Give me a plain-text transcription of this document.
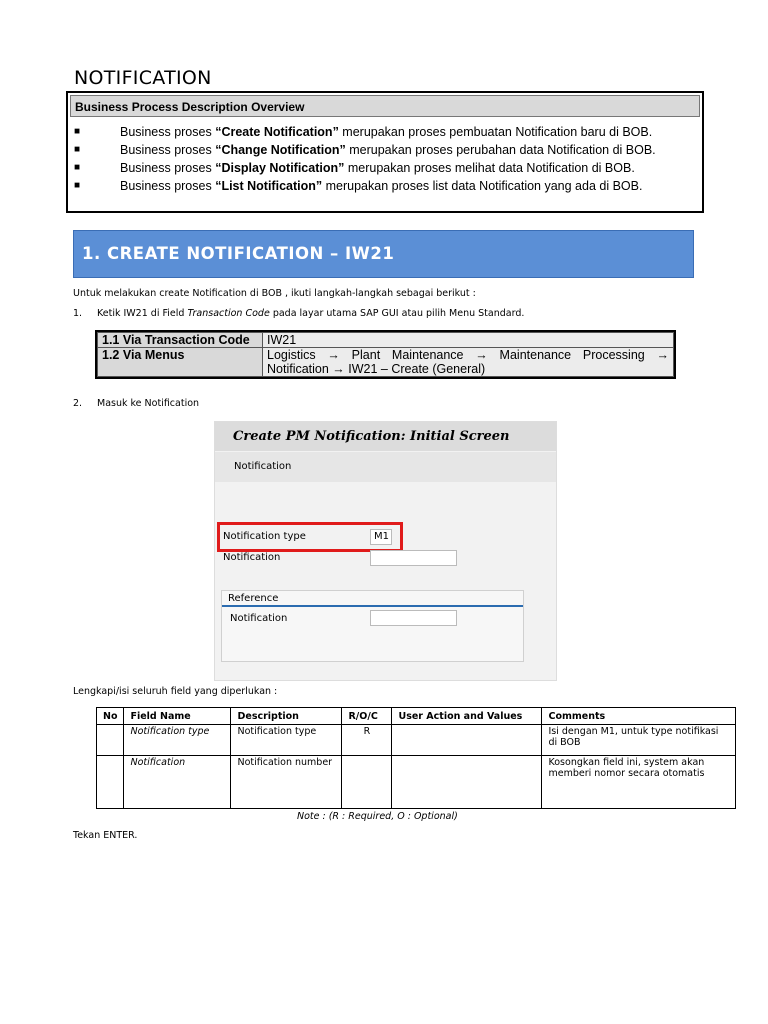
NOTIFICATION
Business Process Description Overview
■	Business proses “Create Notification” merupakan proses pembuatan Notification baru di BOB.
■	Business proses “Change Notification” merupakan proses perubahan data Notification di BOB.
■	Business proses “Display Notification” merupakan proses melihat data Notification di BOB.
■	Business proses “List Notification” merupakan proses list data Notification yang ada di BOB.
1. CREATE NOTIFICATION – IW21
Untuk melakukan create Notification di BOB , ikuti langkah-langkah sebagai berikut :
1. Ketik IW21 di Field Transaction Code pada layar utama SAP GUI atau pilih Menu Standard.
1.1 Via Transaction Code	IW21
1.2 Via Menus	Logistics → Plant Maintenance → Maintenance Processing → Notification → IW21 – Create (General)
2. Masuk ke Notification
Create PM Notification: Initial Screen
Notification
Notification type	M1
Notification
Reference
Notification
Lengkapi/isi seluruh field yang diperlukan :
No	Field Name	Description	R/O/C	User Action and Values	Comments
	Notification type	Notification type	R		Isi dengan M1, untuk type notifikasi di BOB
	Notification	Notification number			Kosongkan field ini, system akan memberi nomor secara otomatis
Note : (R : Required, O : Optional)
Tekan ENTER.
